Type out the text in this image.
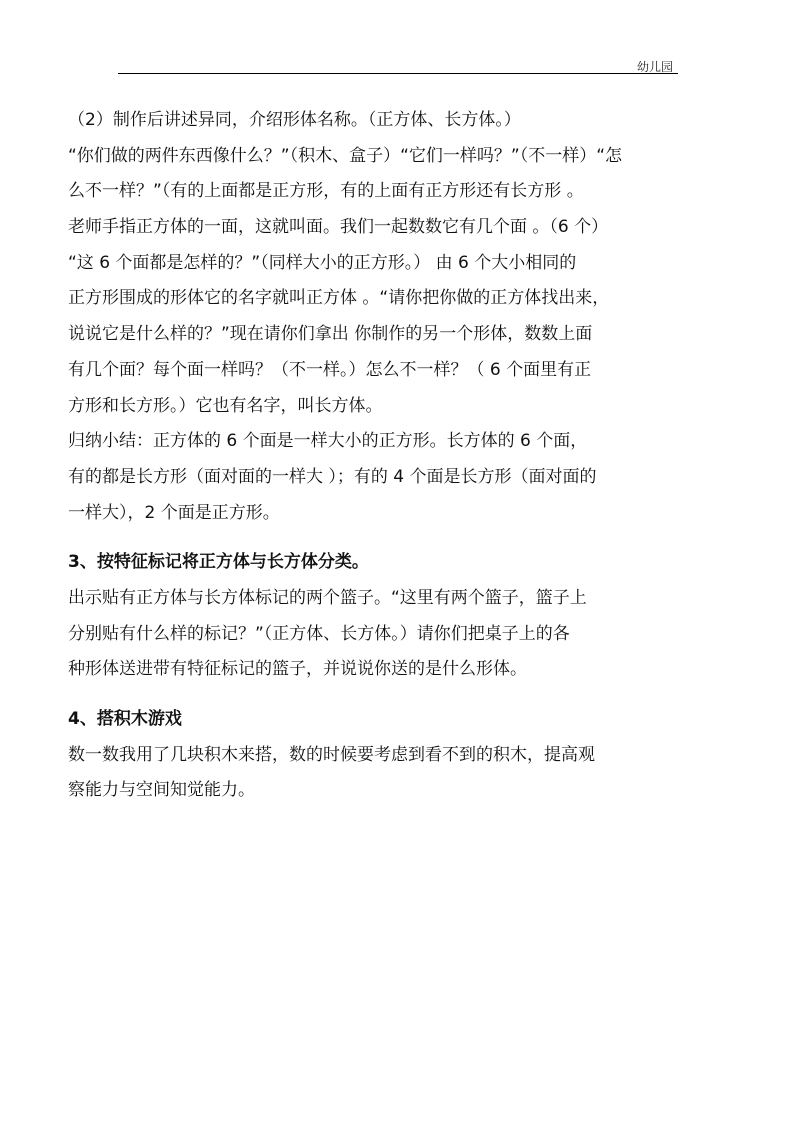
幼儿园
（2）制作后讲述异同，介绍形体名称。（正方体、长方体。）
“你们做的两件东西像什么？”（积木、盒子）“它们一样吗？”（不一样）“怎
么不一样？”（有的上面都是正方形，有的上面有正方形还有长方形 。
老师手指正方体的一面，这就叫面。我们一起数数它有几个面 。（6 个）
“这 6 个面都是怎样的？”（同样大小的正方形。） 由 6 个大小相同的
正方形围成的形体它的名字就叫正方体 。“请你把你做的正方体找出来，
说说它是什么样的？”现在请你们拿出 你制作的另一个形体，数数上面
有几个面？每个面一样吗？（不一样。）怎么不一样？（ 6 个面里有正
方形和长方形。）它也有名字，叫长方体。
归纳小结：正方体的 6 个面是一样大小的正方形。长方体的 6 个面，
有的都是长方形（面对面的一样大 ）；有的 4 个面是长方形（面对面的
一样大），2 个面是正方形。
3、按特征标记将正方体与长方体分类。
出示贴有正方体与长方体标记的两个篮子。“这里有两个篮子，篮子上
分别贴有什么样的标记？”（正方体、长方体。）请你们把桌子上的各
种形体送进带有特征标记的篮子，并说说你送的是什么形体。
4、搭积木游戏
数一数我用了几块积木来搭，数的时候要考虑到看不到的积木，提高观
察能力与空间知觉能力。
